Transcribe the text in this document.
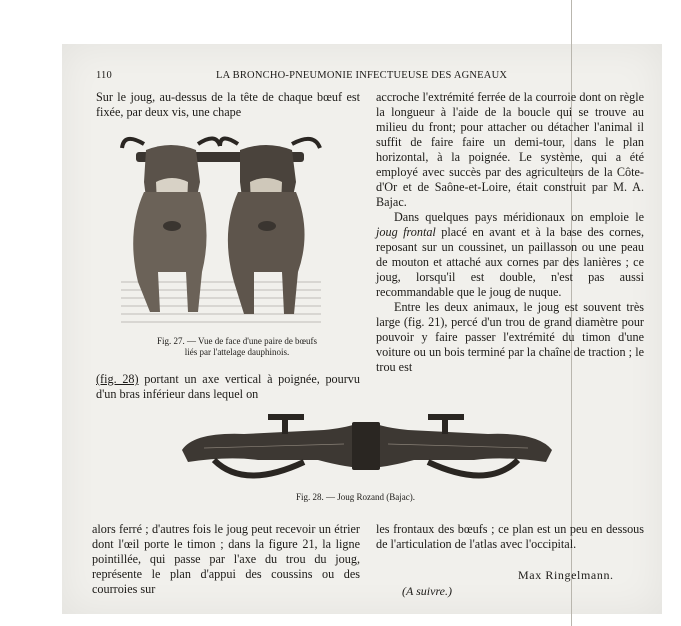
110	LA BRONCHO-PNEUMONIE INFECTUEUSE DES AGNEAUX

Sur le joug, au-dessus de la tête de chaque bœuf est fixée, par deux vis, une chape

Fig. 27. — Vue de face d'une paire de bœufs
liés par l'attelage dauphinois.

(fig. 28) portant un axe vertical à poignée, pourvu d'un bras inférieur dans lequel on

accroche l'extrémité ferrée de la courroie dont on règle la longueur à l'aide de la boucle qui se trouve au milieu du front; pour attacher ou détacher l'animal il suffit de faire faire un demi-tour, dans le plan horizontal, à la poignée. Le système, qui a été employé avec succès par des agriculteurs de la Côte-d'Or et de Saône-et-Loire, était construit par M. A. Bajac.

Dans quelques pays méridionaux on emploie le joug frontal placé en avant et à la base des cornes, reposant sur un coussinet, un paillasson ou une peau de mouton et attaché aux cornes par des lanières ; ce joug, lorsqu'il est double, n'est pas aussi recommandable que le joug de nuque.

Entre les deux animaux, le joug est souvent très large (fig. 21), percé d'un trou de grand diamètre pour pouvoir y faire passer l'extrémité du timon d'une voiture ou un bois terminé par la chaîne de traction ; le trou est

Fig. 28. — Joug Rozand (Bajac).

alors ferré ; d'autres fois le joug peut recevoir un étrier dont l'œil porte le timon ; dans la figure 21, la ligne pointillée, qui passe par l'axe du trou du joug, représente le plan d'appui des coussins ou des courroies sur

les frontaux des bœufs ; ce plan est un peu en dessous de l'articulation de l'atlas avec l'occipital.

Max Ringelmann.
(A suivre.)
